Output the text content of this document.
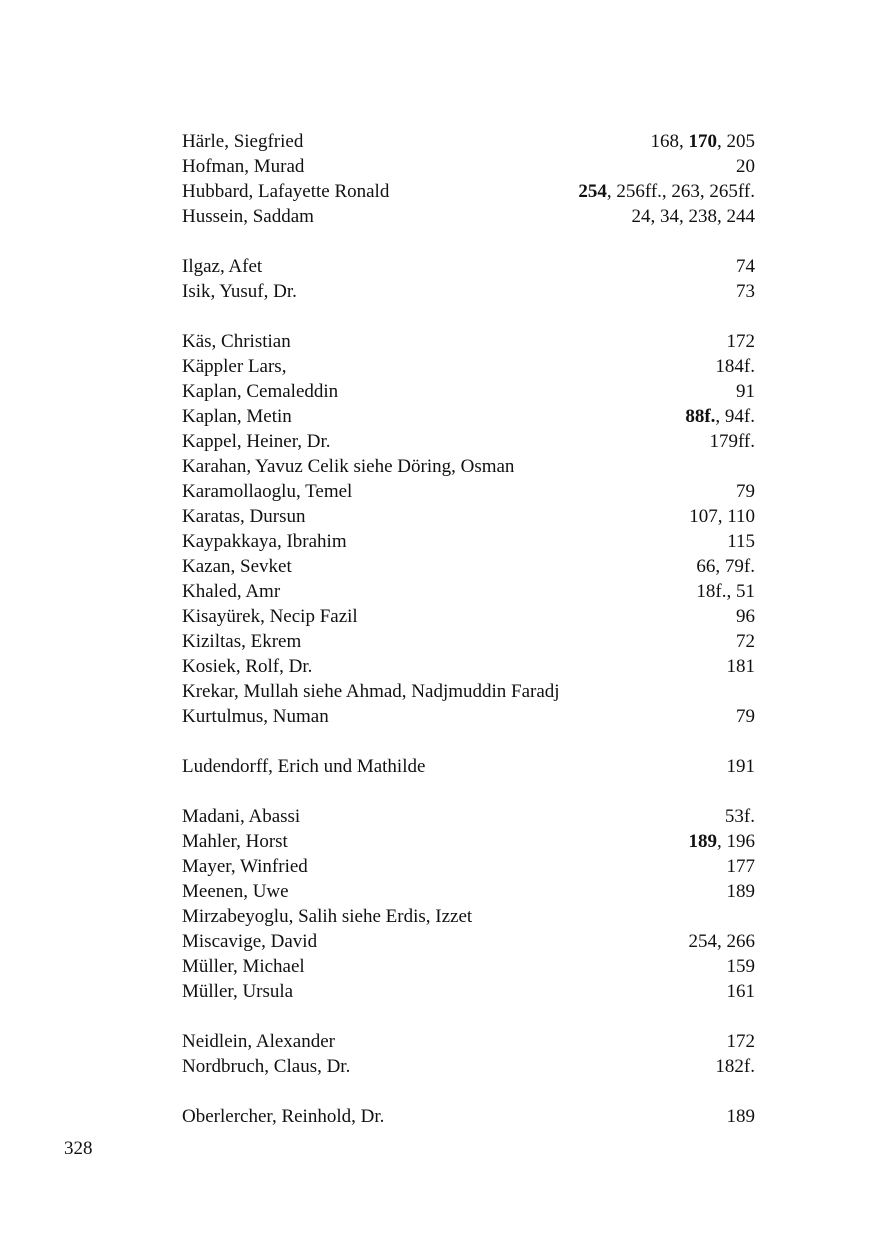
Härle, Siegfried	168, 170, 205
Hofman, Murad	20
Hubbard, Lafayette Ronald	254, 256ff., 263, 265ff.
Hussein, Saddam	24, 34, 238, 244
Ilgaz, Afet	74
Isik, Yusuf, Dr.	73
Käs, Christian	172
Käppler Lars,	184f.
Kaplan, Cemaleddin	91
Kaplan, Metin	88f., 94f.
Kappel, Heiner, Dr.	179ff.
Karahan, Yavuz Celik siehe Döring, Osman
Karamollaoglu, Temel	79
Karatas, Dursun	107, 110
Kaypakkaya, Ibrahim	115
Kazan, Sevket	66, 79f.
Khaled, Amr	18f., 51
Kisayürek, Necip Fazil	96
Kiziltas, Ekrem	72
Kosiek, Rolf, Dr.	181
Krekar, Mullah siehe Ahmad, Nadjmuddin Faradj
Kurtulmus, Numan	79
Ludendorff, Erich und Mathilde	191
Madani, Abassi	53f.
Mahler, Horst	189, 196
Mayer, Winfried	177
Meenen, Uwe	189
Mirzabeyoglu, Salih siehe Erdis, Izzet
Miscavige, David	254, 266
Müller, Michael	159
Müller, Ursula	161
Neidlein, Alexander	172
Nordbruch, Claus, Dr.	182f.
Oberlercher, Reinhold, Dr.	189
328
